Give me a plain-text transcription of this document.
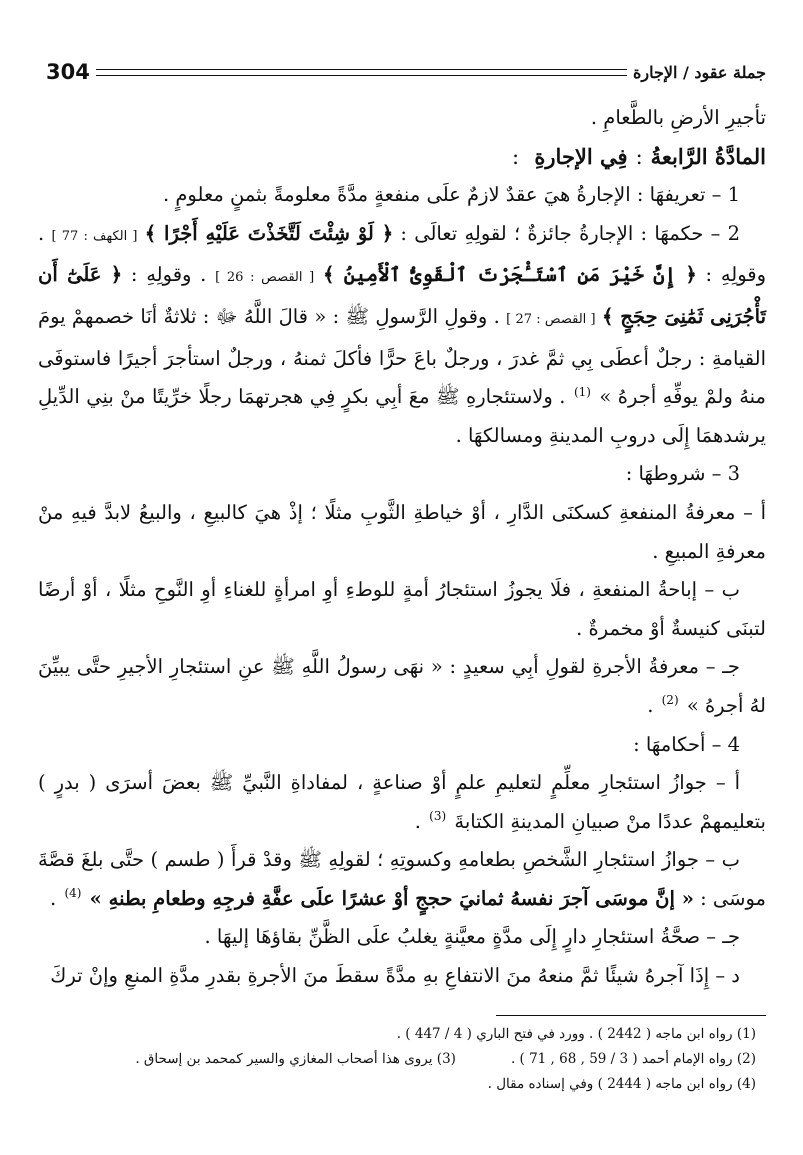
جملة عقود / الإجارة
304

تأجيرِ الأرضِ بالطَّعامِ .

المادَّةُ الرَّابعةُ:فِي الإجارةِ :

1 – تعريفهَا : الإجارةُ هيَ عقدٌ لازمٌ علَى منفعةٍ مدَّةً معلومةً بثمنٍ معلومٍ .

2 – حكمهَا : الإجارةُ جائزةٌ ؛ لقولِهِ تعالَى : ﴿ لَوْ شِئْتَ لَتَّخَذْتَ عَلَيْهِ أَجْرًا ﴾ [ الكهف : 77 ] . وقولِهِ : ﴿ إِنَّ خَيْرَ مَنِ ٱسْتَـْٔجَرْتَ ٱلْقَوِىُّ ٱلْأَمِينُ ﴾ [ القصص : 26 ] . وقولِهِ : ﴿ عَلَىٰٓ أَن تَأْجُرَنِى ثَمَٰنِىَ حِجَجٍ ﴾ [ القصص : 27 ] . وقولِ الرَّسولِ ﷺ : « قالَ اللَّهُ ﷻ : ثلاثةٌ أنَا خصمهمْ يومَ القيامةِ : رجلٌ أعطَى بِي ثمَّ غدرَ ، ورجلٌ باعَ حرًّا فأكلَ ثمنهُ ، ورجلٌ استأجرَ أجيرًا فاستوفَى منهُ ولمْ يوفِّهِ أجرهُ » $^{(1)}$ . ولاستئجارهِ ﷺ معَ أبِي بكرٍ فِي هجرتهمَا رجلًا خرِّيتًا منْ بنِي الدِّيلِ يرشدهمَا إِلَى دروبِ المدينةِ ومسالكهَا .

3 – شروطهَا :

أ – معرفةُ المنفعةِ كسكنَى الدَّارِ ، أوْ خياطةِ الثَّوبِ مثلًا ؛ إذْ هيَ كالبيعِ ، والبيعُ لابدَّ فيهِ منْ معرفةِ المبيعِ .

ب – إباحةُ المنفعةِ ، فلَا يجوزُ استئجارُ أمةٍ للوطءِ أوِ امرأةٍ للغناءِ أوِ النَّوحِ مثلًا ، أوْ أرضًا لتبنَى كنيسةٌ أوْ مخمرةٌ .

جـ – معرفةُ الأجرةِ لقولِ أبِي سعيدٍ : « نهَى رسولُ اللَّهِ ﷺ عنِ استئجارِ الأجيرِ حتَّى يبيِّنَ لهُ أجرهُ » $^{(2)}$ .

4 – أحكامهَا :

أ – جوازُ استئجارِ معلِّمٍ لتعليمِ علمٍ أوْ صناعةٍ ، لمفاداةِ النَّبيِّ ﷺ بعضَ أسرَى ( بدرٍ ) بتعليمهمْ عددًا منْ صبيانِ المدينةِ الكتابةَ $^{(3)}$ .

ب – جوازُ استئجارِ الشَّخصِ بطعامهِ وكسوتِهِ ؛ لقولِهِ ﷺ وقدْ قرأَ ( طسم ) حتَّى بلغَ قصَّةَ موسَى : « إنَّ موسَى آجرَ نفسهُ ثمانيَ حججٍ أوْ عشرًا علَى عفَّةِ فرجِهِ وطعامِ بطنهِ » $^{(4)}$ .

جـ – صحَّةُ استئجارِ دارٍ إِلَى مدَّةٍ معيَّنةٍ يغلبُ علَى الظَّنِّ بقاؤهَا إليهَا .

د – إِذَا آجرهُ شيئًا ثمَّ منعهُ منَ الانتفاعِ بهِ مدَّةً سقطَ منَ الأجرةِ بقدرِ مدَّةِ المنعِ وإنْ تركَ

(1) رواه ابن ماجه ( 2442 ) . وورد في فتح الباري ( 4 / 447 ) .

(2) رواه الإمام أحمد ( 3 / 59 , 68 , 71 ) .

(3) يروى هذا أصحاب المغازي والسير كمحمد بن إسحاق .

(4) رواه ابن ماجه ( 2444 ) وفي إسناده مقال .
